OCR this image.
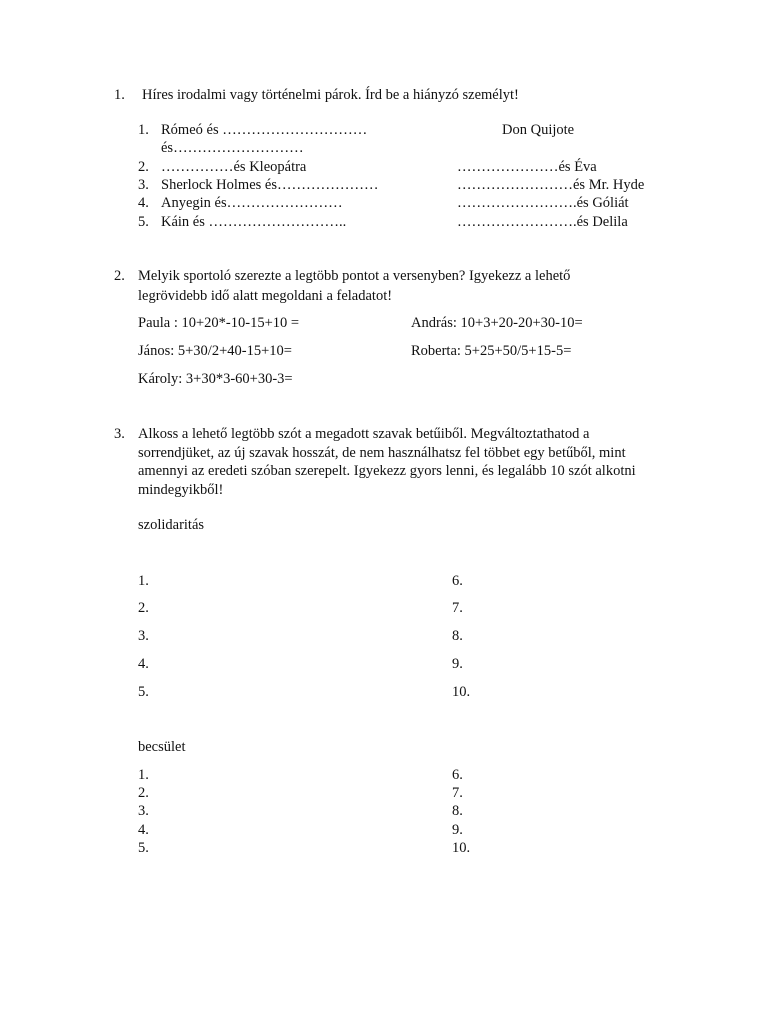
1. Híres irodalmi vagy történelmi párok. Írd be a hiányzó személyt!
1. Rómeó és …………………………
és………………………
2. ……………és Kleopátra
3. Sherlock Holmes és…………………
4. Anyegin és……………………
5. Káin és ………………………..
Don Quijote
…………………és Éva
……………………és Mr. Hyde
…………………….és Góliát
…………………….és Delila
2. Melyik sportoló szerezte a legtöbb pontot a versenyben? Igyekezz a lehető
legrövidebb idő alatt megoldani a feladatot!
Paula : 10+20*-10-15+10 =	András: 10+3+20-20+30-10=
János: 5+30/2+40-15+10=	Roberta: 5+25+50/5+15-5=
Károly: 3+30*3-60+30-3=
3. Alkoss a lehető legtöbb szót a megadott szavak betűiből. Megváltoztathatod a
sorrendjüket, az új szavak hosszát, de nem használhatsz fel többet egy betűből, mint
amennyi az eredeti szóban szerepelt. Igyekezz gyors lenni, és legalább 10 szót alkotni
mindegyikből!
szolidaritás
1.
2.
3.
4.
5.
6.
7.
8.
9.
10.
becsület
1.
2.
3.
4.
5.
6.
7.
8.
9.
10.
